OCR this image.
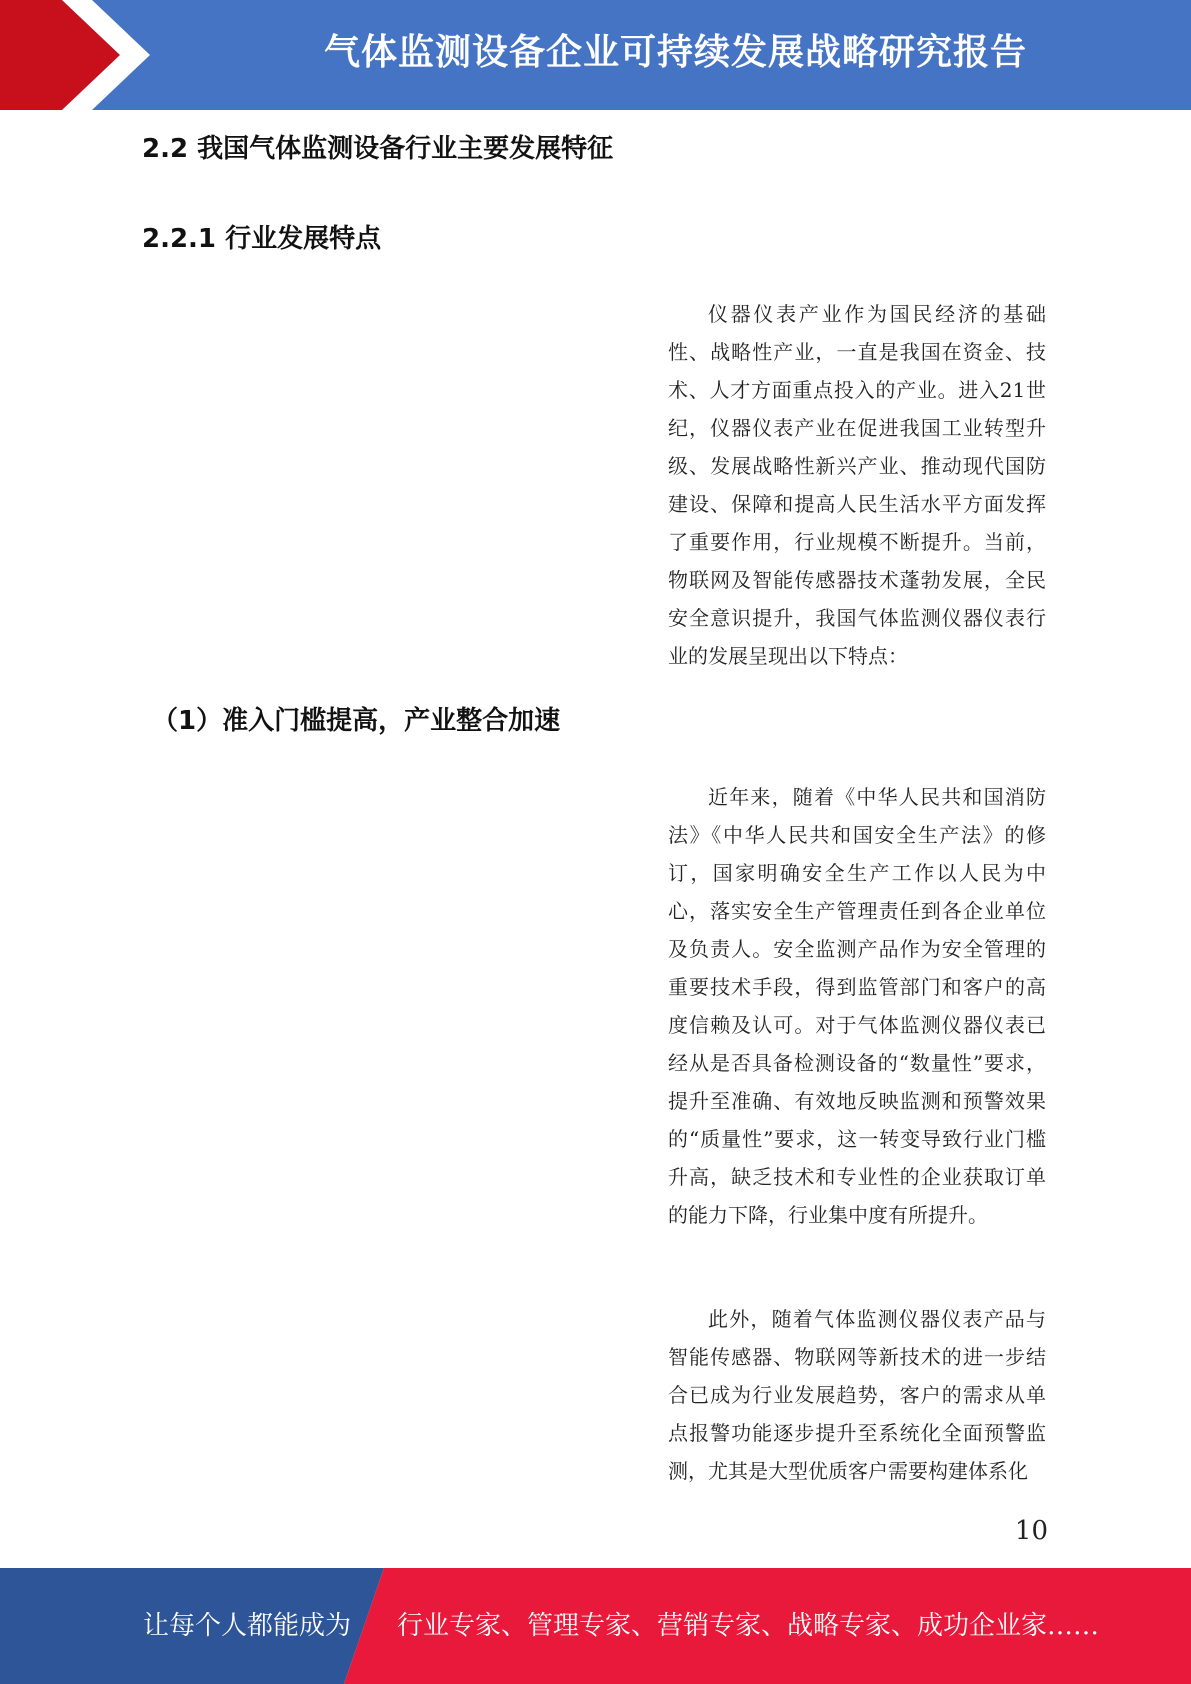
气体监测设备企业可持续发展战略研究报告
2.2 我国气体监测设备行业主要发展特征
2.2.1 行业发展特点
（1）准入门槛提高，产业整合加速

仪器仪表产业作为国民经济的基础性、战略性产业，一直是我国在资金、技术、人才方面重点投入的产业。进入21世纪，仪器仪表产业在促进我国工业转型升级、发展战略性新兴产业、推动现代国防建设、保障和提高人民生活水平方面发挥了重要作用，行业规模不断提升。当前，物联网及智能传感器技术蓬勃发展，全民安全意识提升，我国气体监测仪器仪表行业的发展呈现出以下特点：

近年来，随着《中华人民共和国消防法》《中华人民共和国安全生产法》的修订，国家明确安全生产工作以人民为中心，落实安全生产管理责任到各企业单位及负责人。安全监测产品作为安全管理的重要技术手段，得到监管部门和客户的高度信赖及认可。对于气体监测仪器仪表已经从是否具备检测设备的“数量性”要求，提升至准确、有效地反映监测和预警效果的“质量性”要求，这一转变导致行业门槛升高，缺乏技术和专业性的企业获取订单的能力下降，行业集中度有所提升。

此外，随着气体监测仪器仪表产品与智能传感器、物联网等新技术的进一步结合已成为行业发展趋势，客户的需求从单点报警功能逐步提升至系统化全面预警监测，尤其是大型优质客户需要构建体系化

10
让每个人都能成为 行业专家、管理专家、营销专家、战略专家、成功企业家……
